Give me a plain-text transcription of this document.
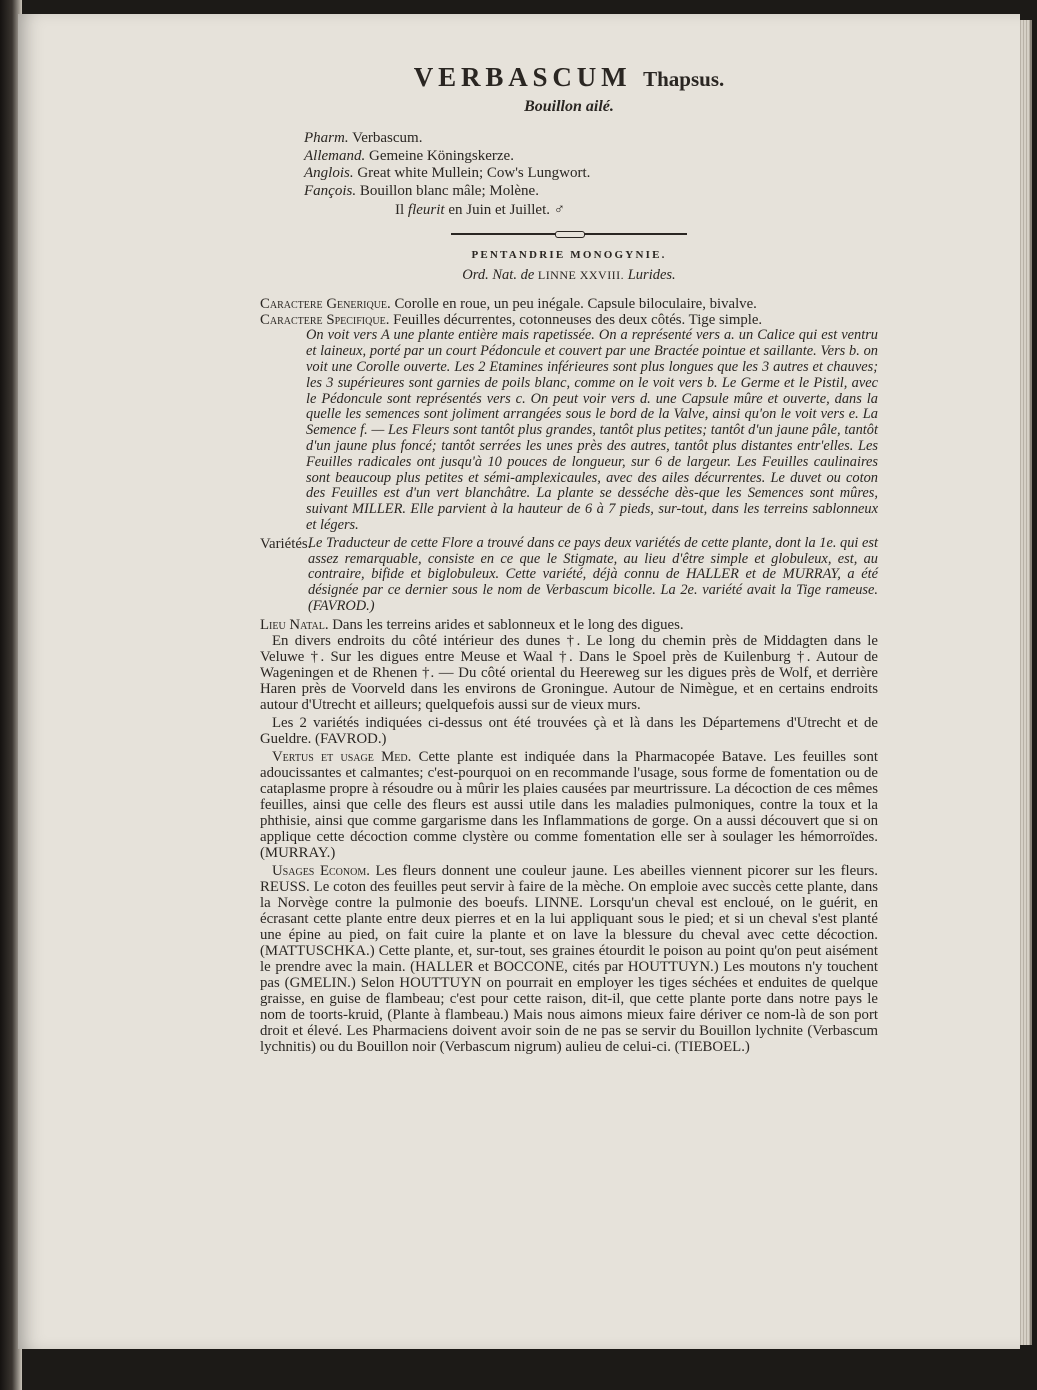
VERBASCUM Thapsus.
Bouillon ailé.
Pharm. Verbascum.
Allemand. Gemeine Köningskerze.
Anglois. Great white Mullein; Cow's Lungwort.
Fançois. Bouillon blanc mâle; Molène.
Il fleurit en Juin et Juillet. ♂
PENTANDRIE MONOGYNIE.
Ord. Nat. de LINNE XXVIII. Lurides.

Caractere Generique. Corolle en roue, un peu inégale. Capsule biloculaire, bivalve.

Caractere Specifique. Feuilles décurrentes, cotonneuses des deux côtés. Tige simple.

On voit vers A une plante entière mais rapetissée. On a représenté vers a. un Calice qui est ventru et laineux, porté par un court Pédoncule et couvert par une Bractée pointue et saillante. Vers b. on voit une Corolle ouverte. Les 2 Etamines inférieures sont plus longues que les 3 autres et chauves; les 3 supérieures sont garnies de poils blanc, comme on le voit vers b. Le Germe et le Pistil, avec le Pédoncule sont représentés vers c. On peut voir vers d. une Capsule mûre et ouverte, dans la quelle les semences sont joliment arrangées sous le bord de la Valve, ainsi qu'on le voit vers e. La Semence f. — Les Fleurs sont tantôt plus grandes, tantôt plus petites; tantôt d'un jaune pâle, tantôt d'un jaune plus foncé; tantôt serrées les unes près des autres, tantôt plus distantes entr'elles. Les Feuilles radicales ont jusqu'à 10 pouces de longueur, sur 6 de largeur. Les Feuilles caulinaires sont beaucoup plus petites et sémi-amplexicaules, avec des ailes décurrentes. Le duvet ou coton des Feuilles est d'un vert blanchâtre. La plante se desséche dès-que les Semences sont mûres, suivant MILLER. Elle parvient à la hauteur de 6 à 7 pieds, sur-tout, dans les terreins sablonneux et légers.

Variétés.

Le Traducteur de cette Flore a trouvé dans ce pays deux variétés de cette plante, dont la 1e. qui est assez remarquable, consiste en ce que le Stigmate, au lieu d'être simple et globuleux, est, au contraire, bifide et biglobuleux. Cette variété, déjà connu de HALLER et de MURRAY, a été désignée par ce dernier sous le nom de Verbascum bicolle. La 2e. variété avait la Tige rameuse. (FAVROD.)

Lieu Natal. Dans les terreins arides et sablonneux et le long des digues.

En divers endroits du côté intérieur des dunes †. Le long du chemin près de Middagten dans le Veluwe †. Sur les digues entre Meuse et Waal †. Dans le Spoel près de Kuilenburg †. Autour de Wageningen et de Rhenen †. — Du côté oriental du Heereweg sur les digues près de Wolf, et derrière Haren près de Voorveld dans les environs de Groningue. Autour de Nimègue, et en certains endroits autour d'Utrecht et ailleurs; quelquefois aussi sur de vieux murs.

Les 2 variétés indiquées ci-dessus ont été trouvées çà et là dans les Départemens d'Utrecht et de Gueldre. (FAVROD.)

Vertus et usage Med. Cette plante est indiquée dans la Pharmacopée Batave. Les feuilles sont adoucissantes et calmantes; c'est-pourquoi on en recommande l'usage, sous forme de fomentation ou de cataplasme propre à résoudre ou à mûrir les plaies causées par meurtrissure. La décoction de ces mêmes feuilles, ainsi que celle des fleurs est aussi utile dans les maladies pulmoniques, contre la toux et la phthisie, ainsi que comme gargarisme dans les Inflammations de gorge. On a aussi découvert que si on applique cette décoction comme clystère ou comme fomentation elle ser à soulager les hémorroïdes. (MURRAY.)

Usages Econom. Les fleurs donnent une couleur jaune. Les abeilles viennent picorer sur les fleurs. REUSS. Le coton des feuilles peut servir à faire de la mèche. On emploie avec succès cette plante, dans la Norvège contre la pulmonie des boeufs. LINNE. Lorsqu'un cheval est encloué, on le guérit, en écrasant cette plante entre deux pierres et en la lui appliquant sous le pied; et si un cheval s'est planté une épine au pied, on fait cuire la plante et on lave la blessure du cheval avec cette décoction. (MATTUSCHKA.) Cette plante, et, sur-tout, ses graines étourdit le poison au point qu'on peut aisément le prendre avec la main. (HALLER et BOCCONE, cités par HOUTTUYN.) Les moutons n'y touchent pas (GMELIN.) Selon HOUTTUYN on pourrait en employer les tiges séchées et enduites de quelque graisse, en guise de flambeau; c'est pour cette raison, dit-il, que cette plante porte dans notre pays le nom de toorts-kruid, (Plante à flambeau.) Mais nous aimons mieux faire dériver ce nom-là de son port droit et élevé. Les Pharmaciens doivent avoir soin de ne pas se servir du Bouillon lychnite (Verbascum lychnitis) ou du Bouillon noir (Verbascum nigrum) aulieu de celui-ci. (TIEBOEL.)
